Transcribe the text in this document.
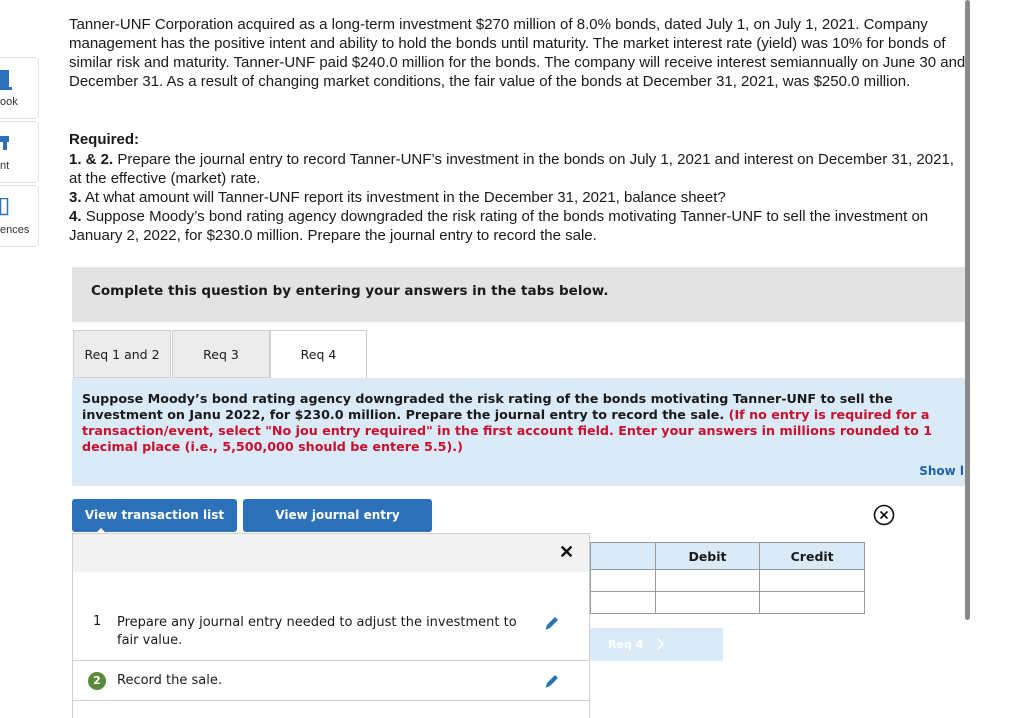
ook
nt
ences
Tanner-UNF Corporation acquired as a long-term investment $270 million of 8.0% bonds, dated July 1, on July 1, 2021. Company management has the positive intent and ability to hold the bonds until maturity. The market interest rate (yield) was 10% for bonds of similar risk and maturity. Tanner-UNF paid $240.0 million for the bonds. The company will receive interest semiannually on June 30 and December 31. As a result of changing market conditions, the fair value of the bonds at December 31, 2021, was $250.0 million.
Required:
1. & 2. Prepare the journal entry to record Tanner-UNF’s investment in the bonds on July 1, 2021 and interest on December 31, 2021, at the effective (market) rate.
3. At what amount will Tanner-UNF report its investment in the December 31, 2021, balance sheet?
4. Suppose Moody’s bond rating agency downgraded the risk rating of the bonds motivating Tanner-UNF to sell the investment on January 2, 2022, for $230.0 million. Prepare the journal entry to record the sale.
Complete this question by entering your answers in the tabs below.
Req 1 and 2	Req 3	Req 4

Suppose Moody’s bond rating agency downgraded the risk rating of the bonds motivating Tanner-UNF to sell the investment on Janu 2022, for $230.0 million. Prepare the journal entry to record the sale. (If no entry is required for a transaction/event, select "No jou entry required" in the first account field. Enter your answers in millions rounded to 1 decimal place (i.e., 5,500,000 should be entere 5.5).)

Show l
View transaction list	View journal entry
✕
1 Prepare any journal entry needed to adjust the investment to fair value.
2	Record the sale.
	Debit	Credit

Req 4
